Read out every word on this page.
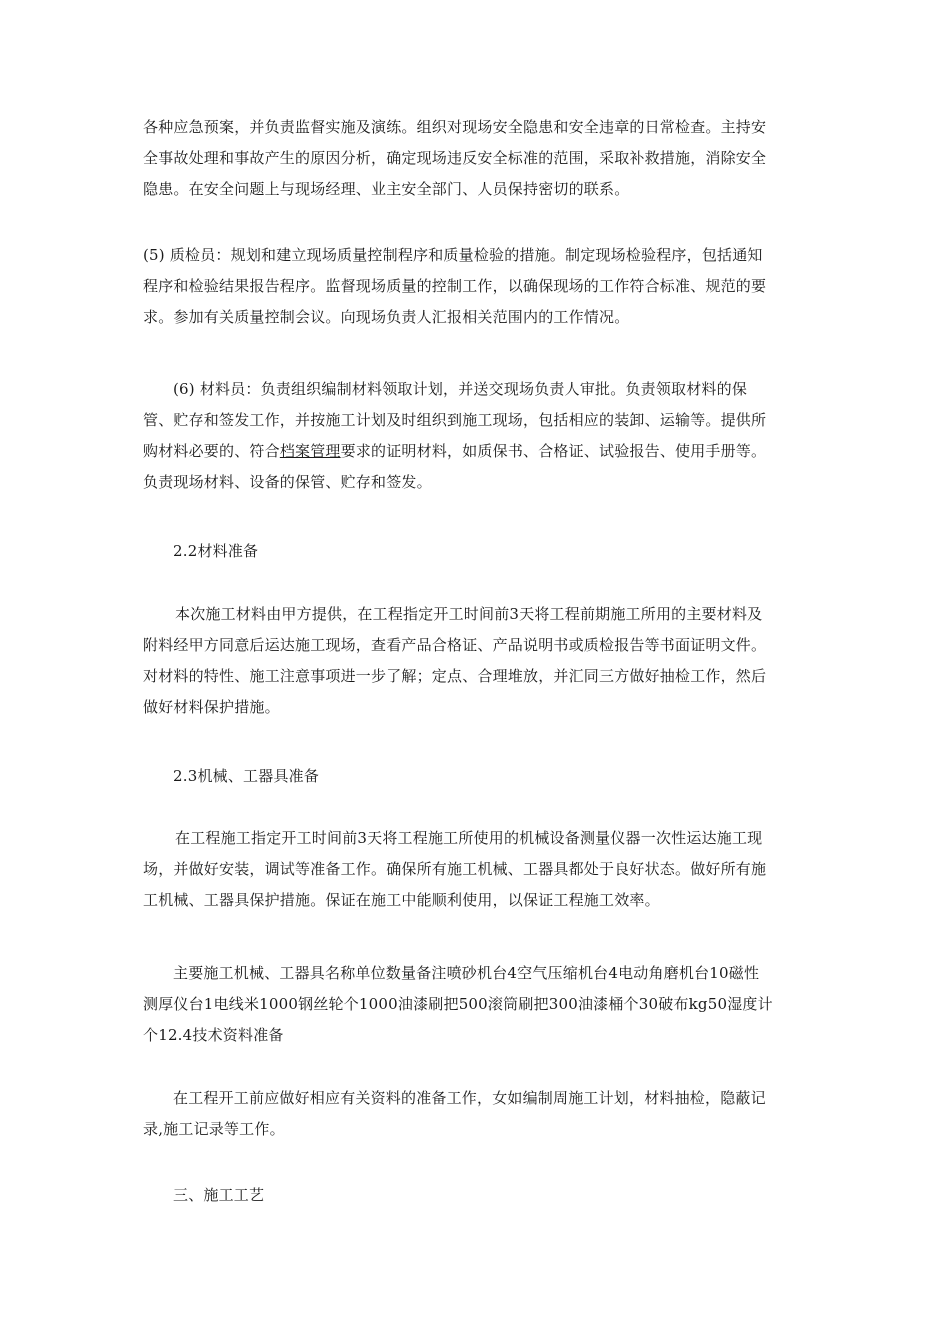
各种应急预案，并负责监督实施及演练。组织对现场安全隐患和安全违章的日常检查。主持安
全事故处理和事故产生的原因分析，确定现场违反安全标准的范围，采取补救措施，消除安全
隐患。在安全问题上与现场经理、业主安全部门、人员保持密切的联系。
(5) 质检员：规划和建立现场质量控制程序和质量检验的措施。制定现场检验程序，包括通知
程序和检验结果报告程序。监督现场质量的控制工作，以确保现场的工作符合标准、规范的要
求。参加有关质量控制会议。向现场负责人汇报相关范围内的工作情况。
(6) 材料员：负责组织编制材料领取计划，并送交现场负责人审批。负责领取材料的保
管、贮存和签发工作，并按施工计划及时组织到施工现场，包括相应的装卸、运输等。提供所
购材料必要的、符合档案管理要求的证明材料，如质保书、合格证、试验报告、使用手册等。
负责现场材料、设备的保管、贮存和签发。
2.2材料准备
本次施工材料由甲方提供，在工程指定开工时间前3天将工程前期施工所用的主要材料及
附料经甲方同意后运达施工现场，查看产品合格证、产品说明书或质检报告等书面证明文件。
对材料的特性、施工注意事项进一步了解；定点、合理堆放，并汇同三方做好抽检工作，然后
做好材料保护措施。
2.3机械、工器具准备
在工程施工指定开工时间前3天将工程施工所使用的机械设备测量仪器一次性运达施工现
场，并做好安装，调试等准备工作。确保所有施工机械、工器具都处于良好状态。做好所有施
工机械、工器具保护措施。保证在施工中能顺利使用，以保证工程施工效率。
主要施工机械、工器具名称单位数量备注喷砂机台4空气压缩机台4电动角磨机台10磁性
测厚仪台1电线米1000钢丝轮个1000油漆刷把500滚筒刷把300油漆桶个30破布kg50湿度计
个12.4技术资料准备
在工程开工前应做好相应有关资料的准备工作，女如编制周施工计划，材料抽检，隐蔽记
录,施工记录等工作。
三、施工工艺
